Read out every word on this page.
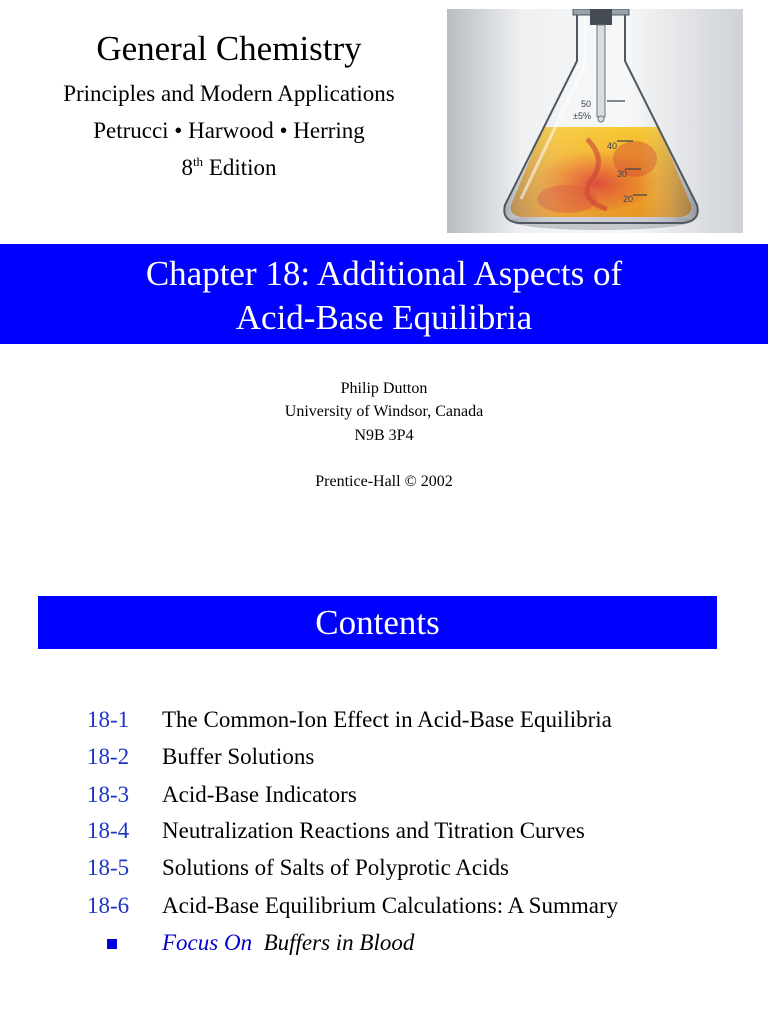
General Chemistry
Principles and Modern Applications
Petrucci • Harwood • Herring
8th Edition
50
±5%
40
30
20
Chapter 18: Additional Aspects of
Acid-Base Equilibria
Philip Dutton
University of Windsor, Canada
N9B 3P4
Prentice-Hall © 2002
Contents
18-1 The Common-Ion Effect in Acid-Base Equilibria
18-2 Buffer Solutions
18-3 Acid-Base Indicators
18-4 Neutralization Reactions and Titration Curves
18-5 Solutions of Salts of Polyprotic Acids
18-6 Acid-Base Equilibrium Calculations: A Summary
Focus On Buffers in Blood
